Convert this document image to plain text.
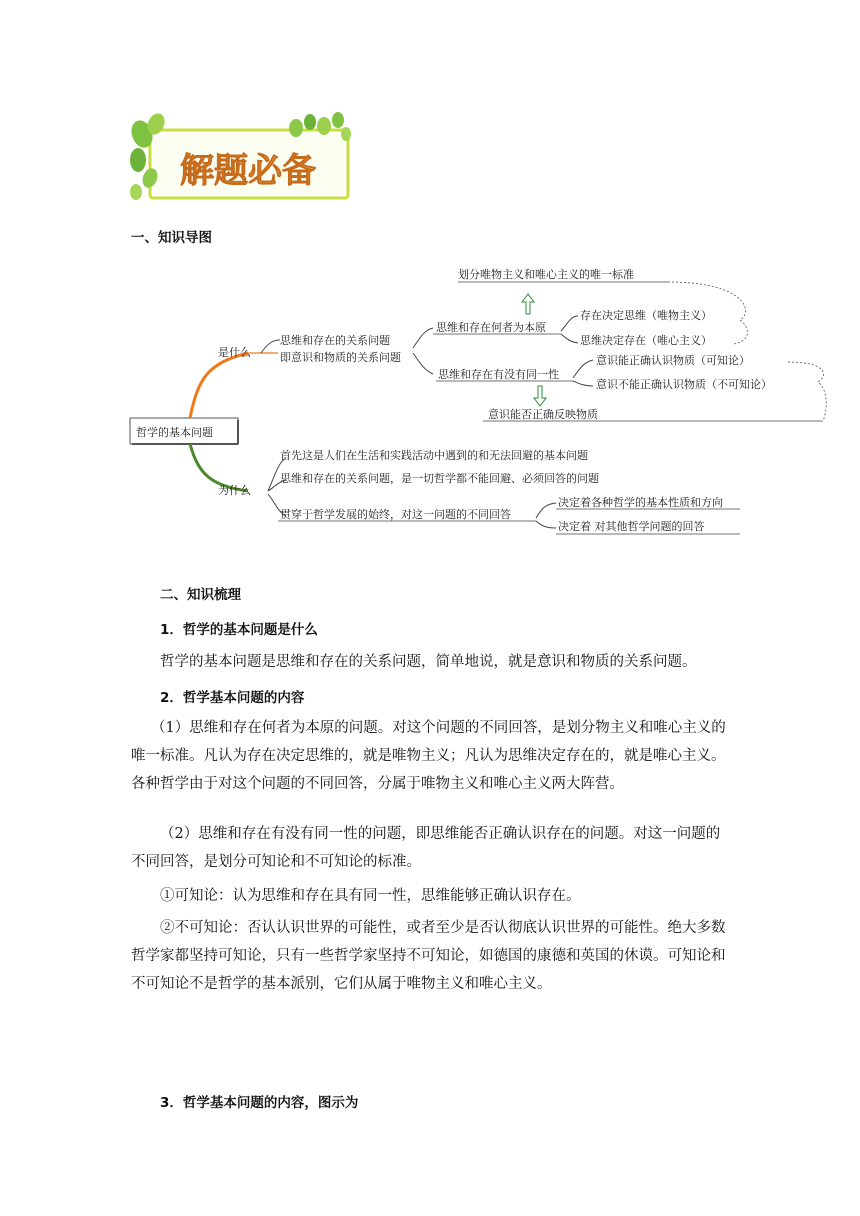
解题必备
一、知识导图
哲学的基本问题
是什么
为什么
思维和存在的关系问题
即意识和物质的关系问题
思维和存在何者为本原
划分唯物主义和唯心主义的唯一标准
存在决定思维（唯物主义）
思维决定存在（唯心主义）
思维和存在有没有同一性
意识能正确认识物质（可知论）
意识不能正确认识物质（不可知论）
意识能否正确反映物质
首先这是人们在生活和实践活动中遇到的和无法回避的基本问题
思维和存在的关系问题，是一切哲学都不能回避、必须回答的问题
贯穿于哲学发展的始终，对这一问题的不同回答
决定着各种哲学的基本性质和方向
决定着 对其他哲学问题的回答
二、知识梳理
1．哲学的基本问题是什么

哲学的基本问题是思维和存在的关系问题，简单地说，就是意识和物质的关系问题。

2．哲学基本问题的内容

（1）思维和存在何者为本原的问题。对这个问题的不同回答，是划分物主义和唯心主义的唯一标准。凡认为存在决定思维的，就是唯物主义；凡认为思维决定存在的，就是唯心主义。各种哲学由于对这个问题的不同回答，分属于唯物主义和唯心主义两大阵营。

（2）思维和存在有没有同一性的问题，即思维能否正确认识存在的问题。对这一问题的不同回答，是划分可知论和不可知论的标准。

①可知论：认为思维和存在具有同一性，思维能够正确认识存在。

②不可知论：否认认识世界的可能性，或者至少是否认彻底认识世界的可能性。绝大多数哲学家都坚持可知论，只有一些哲学家坚持不可知论，如德国的康德和英国的休谟。可知论和不可知论不是哲学的基本派别，它们从属于唯物主义和唯心主义。

3．哲学基本问题的内容，图示为
